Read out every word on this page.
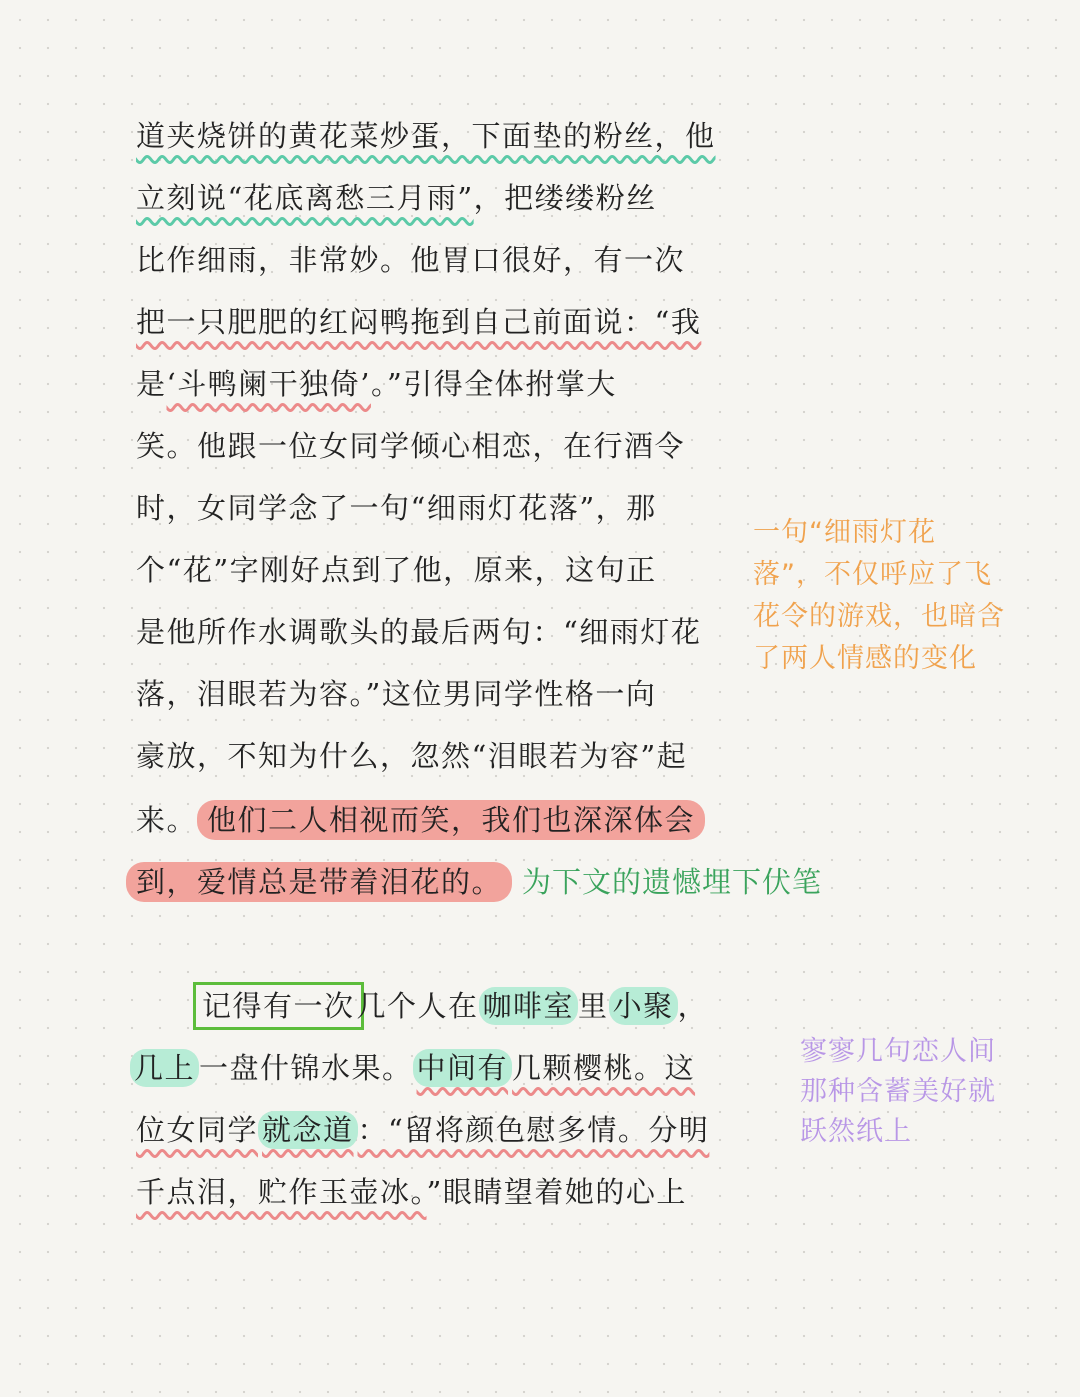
道夹烧饼的黄花菜炒蛋，下面垫的粉丝，他
立刻说“花底离愁三月雨”，把缕缕粉丝
比作细雨，非常妙。他胃口很好，有一次
把一只肥肥的红闷鸭拖到自己前面说：“我
是‘斗鸭阑干独倚’。”引得全体拊掌大
笑。他跟一位女同学倾心相恋，在行酒令
时，女同学念了一句“细雨灯花落”，那
个“花”字刚好点到了他，原来，这句正
是他所作水调歌头的最后两句：“细雨灯花
落，泪眼若为容。”这位男同学性格一向
豪放，不知为什么，忽然“泪眼若为容”起
来。 他们二人相视而笑，我们也深深体会
到，爱情总是带着泪花的。 为下文的遗憾埋下伏笔
记得有一次几个人在 咖啡室 里 小聚 ，
几上 一盘什锦水果。 中间有 几颗樱桃。这
位女同学 就念道 ：“留将颜色慰多情。分明
千点泪，贮作玉壶冰。”眼睛望着她的心上
一句“细雨灯花
落”，不仅呼应了飞
花令的游戏，也暗含
了两人情感的变化
寥寥几句恋人间
那种含蓄美好就
跃然纸上
